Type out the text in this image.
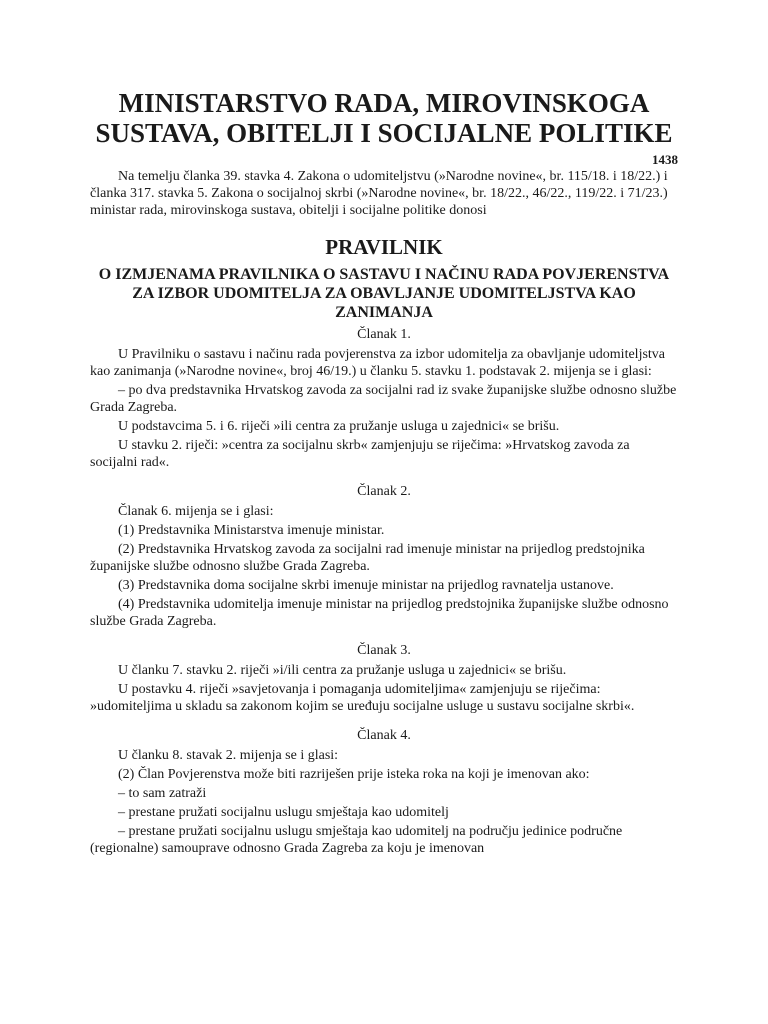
MINISTARSTVO RADA, MIROVINSKOGA SUSTAVA, OBITELJI I SOCIJALNE POLITIKE
1438

Na temelju članka 39. stavka 4. Zakona o udomiteljstvu (»Narodne novine«, br. 115/18. i 18/22.) i članka 317. stavka 5. Zakona o socijalnoj skrbi (»Narodne novine«, br. 18/22., 46/22., 119/22. i 71/23.) ministar rada, mirovinskoga sustava, obitelji i socijalne politike donosi

PRAVILNIK
O IZMJENAMA PRAVILNIKA O SASTAVU I NAČINU RADA POVJERENSTVA ZA IZBOR UDOMITELJA ZA OBAVLJANJE UDOMITELJSTVA KAO ZANIMANJA

Članak 1.

U Pravilniku o sastavu i načinu rada povjerenstva za izbor udomitelja za obavljanje udomiteljstva kao zanimanja (»Narodne novine«, broj 46/19.) u članku 5. stavku 1. podstavak 2. mijenja se i glasi:

– po dva predstavnika Hrvatskog zavoda za socijalni rad iz svake županijske službe odnosno službe Grada Zagreba.

U podstavcima 5. i 6. riječi »ili centra za pružanje usluga u zajednici« se brišu.

U stavku 2. riječi: »centra za socijalnu skrb« zamjenjuju se riječima: »Hrvatskog zavoda za socijalni rad«.

Članak 2.

Članak 6. mijenja se i glasi:

(1) Predstavnika Ministarstva imenuje ministar.

(2) Predstavnika Hrvatskog zavoda za socijalni rad imenuje ministar na prijedlog predstojnika županijske službe odnosno službe Grada Zagreba.

(3) Predstavnika doma socijalne skrbi imenuje ministar na prijedlog ravnatelja ustanove.

(4) Predstavnika udomitelja imenuje ministar na prijedlog predstojnika županijske službe odnosno službe Grada Zagreba.

Članak 3.

U članku 7. stavku 2. riječi »i/ili centra za pružanje usluga u zajednici« se brišu.

U postavku 4. riječi »savjetovanja i pomaganja udomiteljima« zamjenjuju se riječima: »udomiteljima u skladu sa zakonom kojim se uređuju socijalne usluge u sustavu socijalne skrbi«.

Članak 4.

U članku 8. stavak 2. mijenja se i glasi:

(2) Član Povjerenstva može biti razriješen prije isteka roka na koji je imenovan ako:

– to sam zatraži

– prestane pružati socijalnu uslugu smještaja kao udomitelj

– prestane pružati socijalnu uslugu smještaja kao udomitelj na području jedinice područne (regionalne) samouprave odnosno Grada Zagreba za koju je imenovan
